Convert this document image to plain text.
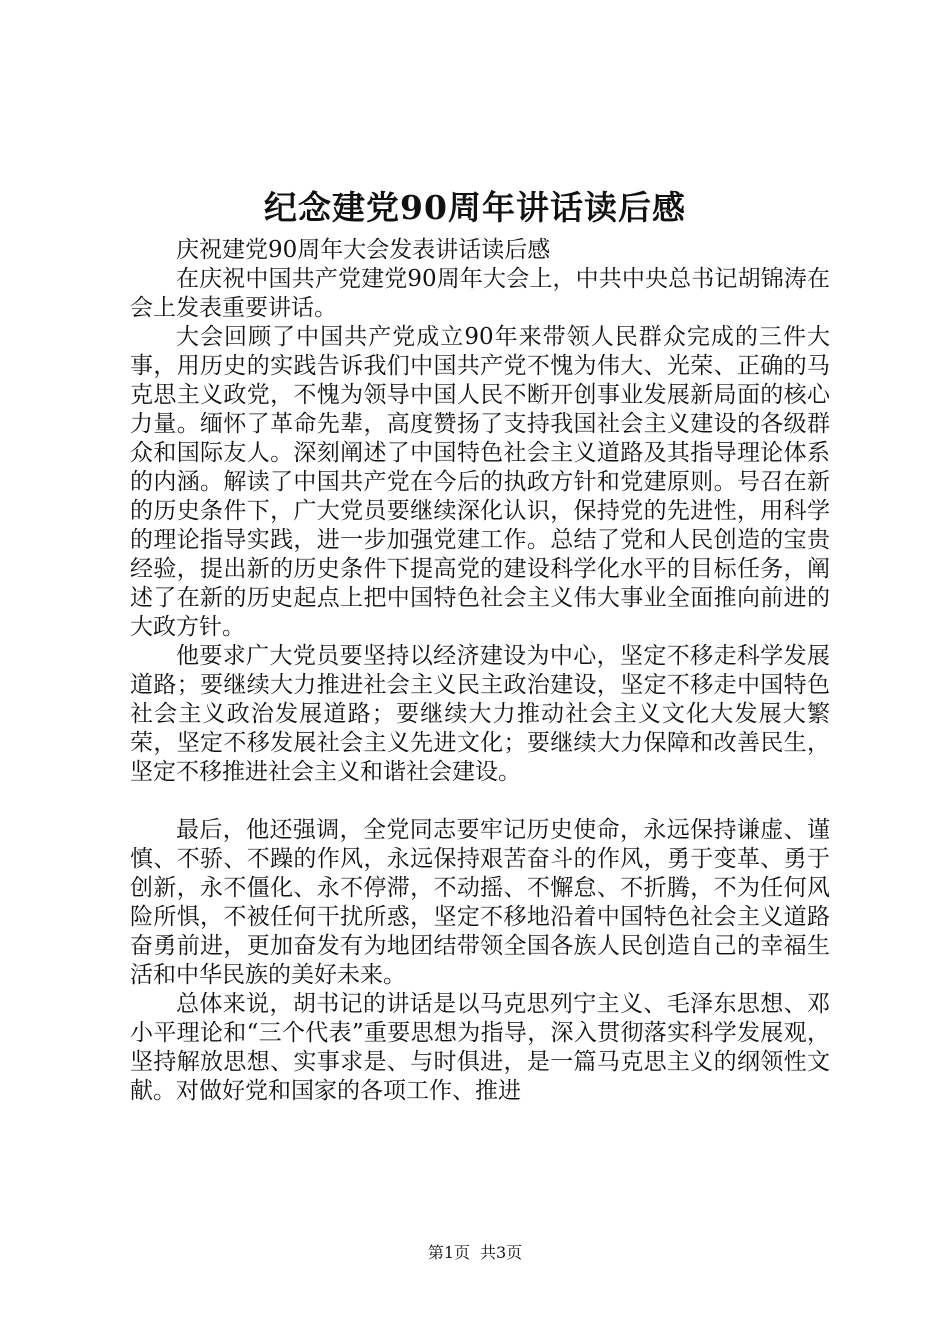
纪念建党90周年讲话读后感

庆祝建党90周年大会发表讲话读后感

在庆祝中国共产党建党90周年大会上，中共中央总书记胡锦涛在会上发表重要讲话。

大会回顾了中国共产党成立90年来带领人民群众完成的三件大事，用历史的实践告诉我们中国共产党不愧为伟大、光荣、正确的马克思主义政党，不愧为领导中国人民不断开创事业发展新局面的核心力量。缅怀了革命先辈，高度赞扬了支持我国社会主义建设的各级群众和国际友人。深刻阐述了中国特色社会主义道路及其指导理论体系的内涵。解读了中国共产党在今后的执政方针和党建原则。号召在新的历史条件下，广大党员要继续深化认识，保持党的先进性，用科学的理论指导实践，进一步加强党建工作。总结了党和人民创造的宝贵经验，提出新的历史条件下提高党的建设科学化水平的目标任务，阐述了在新的历史起点上把中国特色社会主义伟大事业全面推向前进的大政方针。

他要求广大党员要坚持以经济建设为中心，坚定不移走科学发展道路；要继续大力推进社会主义民主政治建设，坚定不移走中国特色社会主义政治发展道路；要继续大力推动社会主义文化大发展大繁荣，坚定不移发展社会主义先进文化；要继续大力保障和改善民生，坚定不移推进社会主义和谐社会建设。

最后，他还强调，全党同志要牢记历史使命，永远保持谦虚、谨慎、不骄、不躁的作风，永远保持艰苦奋斗的作风，勇于变革、勇于创新，永不僵化、永不停滞，不动摇、不懈怠、不折腾，不为任何风险所惧，不被任何干扰所惑，坚定不移地沿着中国特色社会主义道路奋勇前进，更加奋发有为地团结带领全国各族人民创造自己的幸福生活和中华民族的美好未来。

总体来说，胡书记的讲话是以马克思列宁主义、毛泽东思想、邓小平理论和“三个代表”重要思想为指导，深入贯彻落实科学发展观，坚持解放思想、实事求是、与时俱进，是一篇马克思主义的纲领性文献。对做好党和国家的各项工作、推进

第1页 共3页
